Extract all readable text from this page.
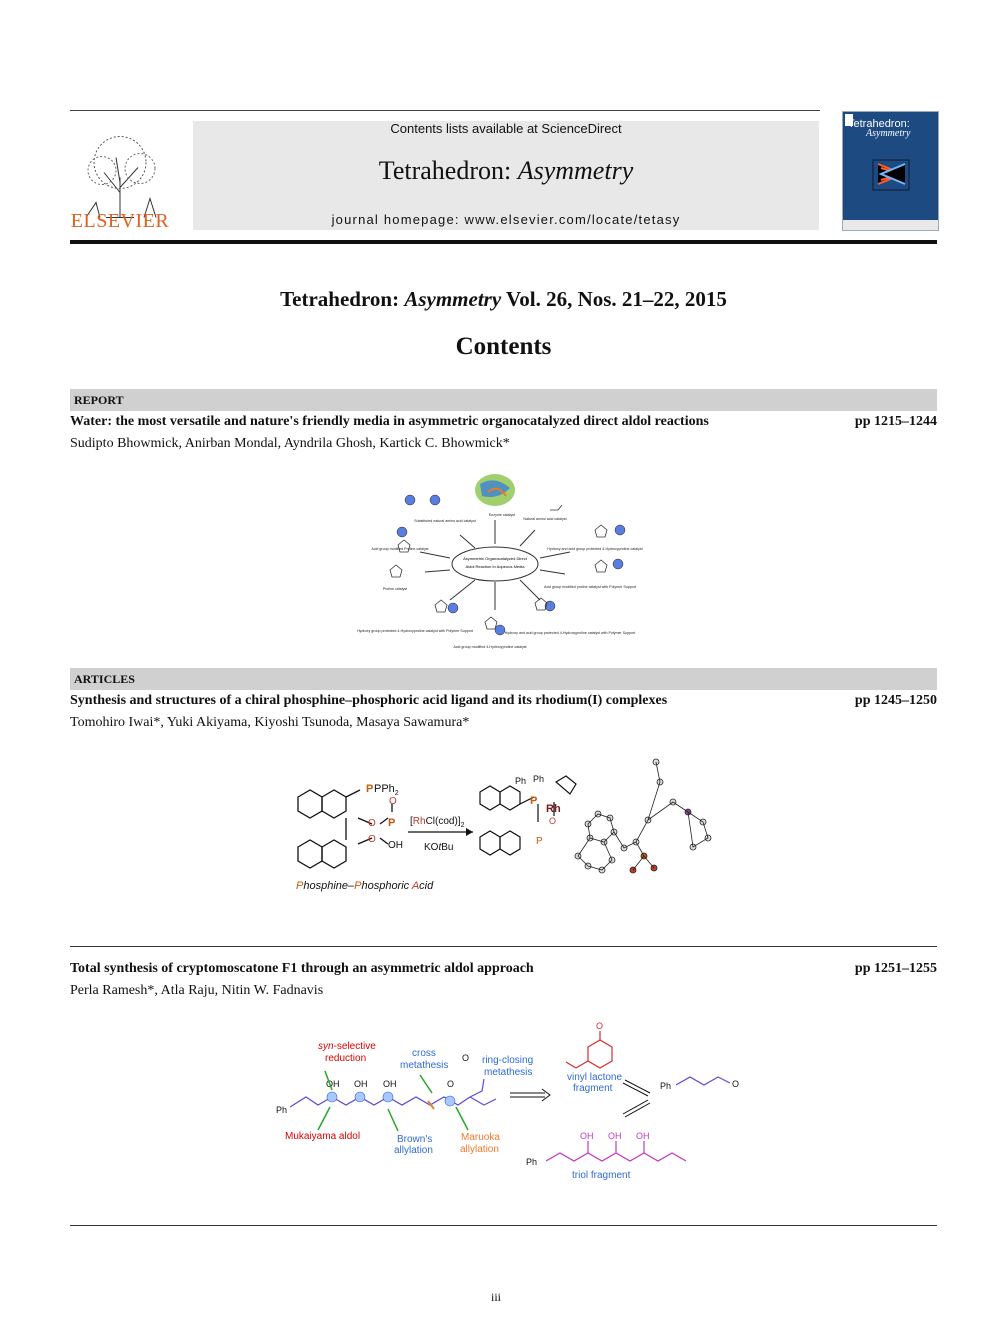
ELSEVIER
Contents lists available at ScienceDirect
Tetrahedron: Asymmetry
journal homepage: www.elsevier.com/locate/tetasy
Tetrahedron:
Asymmetry
Tetrahedron: Asymmetry Vol. 26, Nos. 21–22, 2015
Contents
REPORT
Water: the most versatile and nature's friendly media in asymmetric organocatalyzed direct aldol reactions	pp 1215–1244
Sudipto Bhowmick, Anirban Mondal, Ayndrila Ghosh, Kartick C. Bhowmick*
Asymmetric Organocatalyzed Direct
Aldol Reaction In Aqueous Media
Enzyme catalyst
Natural amino acid catalyst
Substituted natural amino acid catalyst
Hydroxy and acid group protected 4-Hydroxyproline catalyst
Acid group modified Proline catalyst
Acid group modified proline catalyst with Polymer Support
Proline catalyst
Hydroxy group protected 4-Hydroxyproline catalyst with Polymer Support	Hydroxy and acid group protected 4-Hydroxyproline catalyst with Polymer Support
Acid group modified 4-Hydroxyproline catalyst
ARTICLES
Synthesis and structures of a chiral phosphine–phosphoric acid ligand and its rhodium(I) complexes	pp 1245–1250
Tomohiro Iwai*, Yuki Akiyama, Kiyoshi Tsunoda, Masaya Sawamura*
P PPh$_2$
P
O
O
O
OH
Phosphine–Phosphoric Acid
$[RhCl(cod)]_2$
KOtBu
Ph Ph
P
Rh
P
O
Total synthesis of cryptomoscatone F1 through an asymmetric aldol approach	pp 1251–1255
Perla Ramesh*, Atla Raju, Nitin W. Fadnavis
syn-selective
reduction	cross
metathesis	ring-closing
metathesis	vinyl lactone
fragment
Mukaiyama aldol	Brown's
allylation
Maruoka
allylation
triol fragment
Ph
OH OH OH	O
O
O
Ph	O
Ph
OH OH OH
iii
